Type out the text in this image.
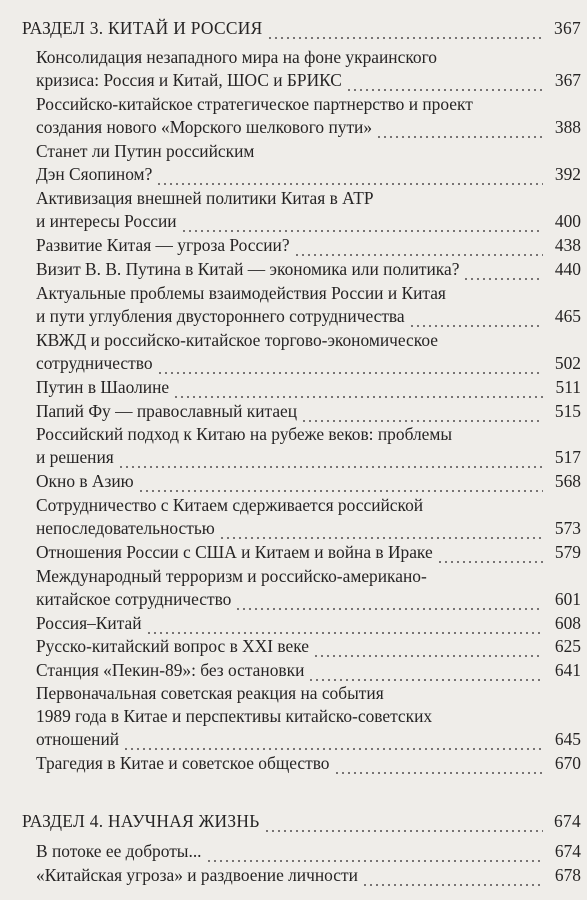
РАЗДЕЛ 3. КИТАЙ И РОССИЯ	367
Консолидация незападного мира на фоне украинского
кризиса: Россия и Китай, ШОС и БРИКС	367
Российско-китайское стратегическое партнерство и проект
создания нового «Морского шелкового пути»	388
Станет ли Путин российским
Дэн Сяопином?	392
Активизация внешней политики Китая в АТР
и интересы России	400
Развитие Китая — угроза России?	438
Визит В. В. Путина в Китай — экономика или политика?	440
Актуальные проблемы взаимодействия России и Китая
и пути углубления двустороннего сотрудничества	465
КВЖД и российско-китайское торгово-экономическое
сотрудничество	502
Путин в Шаолине	511
Папий Фу — православный китаец	515
Российский подход к Китаю на рубеже веков: проблемы
и решения	517
Окно в Азию	568
Сотрудничество с Китаем сдерживается российской
непоследовательностью	573
Отношения России с США и Китаем и война в Ираке	579
Международный терроризм и российско-американо-
китайское сотрудничество	601
Россия–Китай	608
Русско-китайский вопрос в XXI веке	625
Станция «Пекин-89»: без остановки	641
Первоначальная советская реакция на события
1989 года в Китае и перспективы китайско-советских
отношений	645
Трагедия в Китае и советское общество	670
РАЗДЕЛ 4. НАУЧНАЯ ЖИЗНЬ	674
В потоке ее доброты...	674
«Китайская угроза» и раздвоение личности	678
